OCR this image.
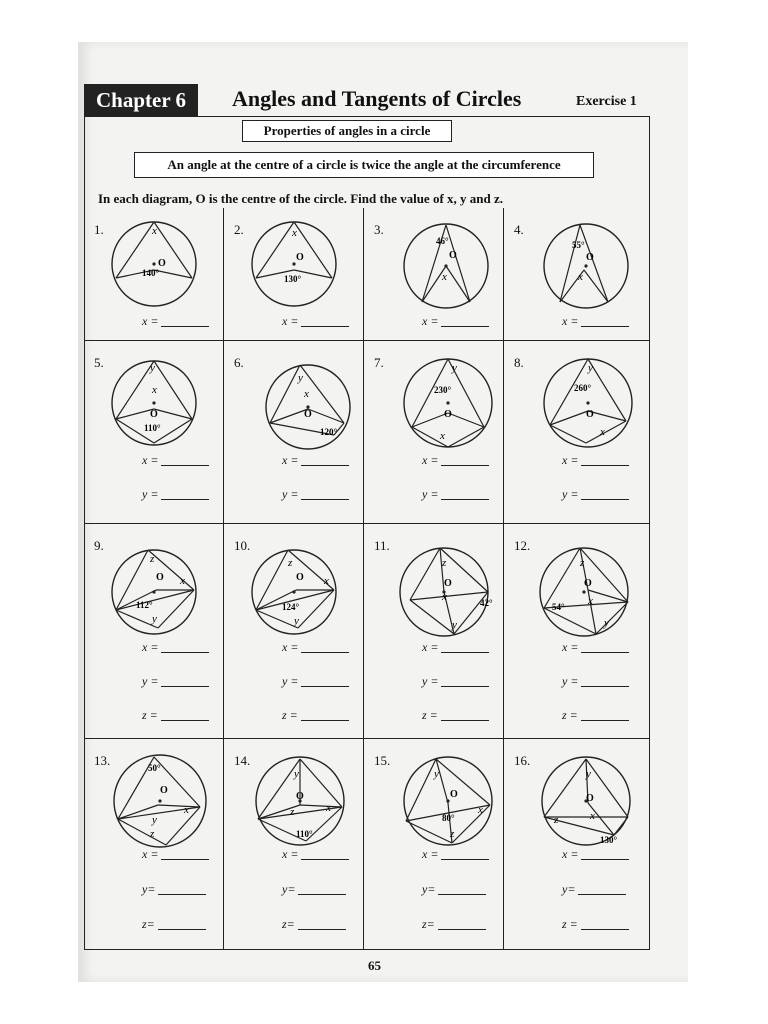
Chapter 6	Angles and Tangents of Circles	Exercise 1
Properties of angles in a circle
An angle at the centre of a circle is twice the angle at the circumference
In each diagram, O is the centre of the circle. Find the value of x, y and z.
1.	x
O
140°
x =
2.	x
O
130°
x =
3.
46°
O
x
x =
4.
55°
O
x
x =
5.	y
x
O
110°
x =
y =
6.
y
x
O
120°
x =
y =
7.	y
230°
O
x
x =
y =
8.	y
260°
O
x
x =
y =
9.
z
O x
112°
y
x =
y =
z =
10.
z
O x
124°
y
x =
y =
z =
11.
z
O
x	42°
y
x =
y =
z =
12.
z
O
x
54°
y
x =
y =
z =
13.	50°
O
x
y
z
x =
y=
z=
14.
y
O
x
110°
z
x =
y=
z=
15.
y
O
x
80°
z
x =
y=
z=
16.
y
O
x
z
130°
x =
y=
z =
65
